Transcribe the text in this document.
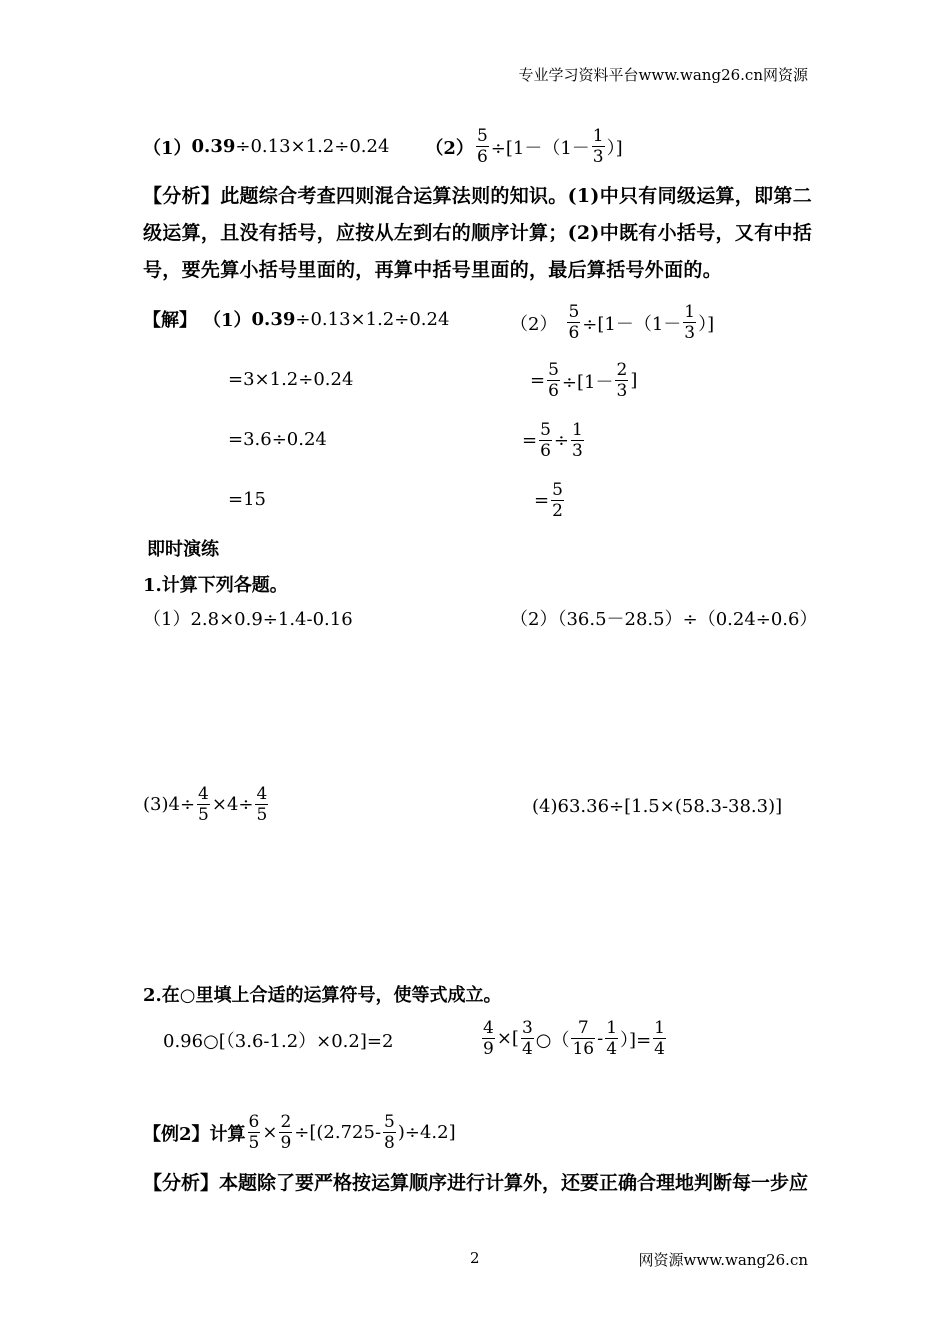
专业学习资料平台www.wang26.cn网资源
（1） 0.39 ÷0.13×1.2÷0.24 $(2) \frac{5}{6} \div[1-(1- \frac{1}{3}$ ）]
【分析】此题综合考查四则混合运算法则的知识。(1)中只有同级运算，即第二级运算，且没有括号，应按从左到右的顺序计算；(2)中既有小括号，又有中括号，要先算小括号里面的，再算中括号里面的，最后算括号外面的。
【解】 （1） 0.39 ÷0.13×1.2÷0.24	$(2) \frac{5}{6} \div[1-(1- \frac{1}{3}$ ）]
=3×1.2÷0.24
=3.6÷0.24
=15
= $\frac{5}{6} \div[1- \frac{2}{3}$ ]
= $\frac{5}{6} \div \frac{1}{3}$
= $\frac{5}{2}$
即时演练
1.计算下列各题。
（1）2.8×0.9÷1.4-0.16	（2）（36.5－28.5）÷（0.24÷0.6）
$(3)4\div \frac{4}{5} \times 4\div \frac{4}{5}$	(4)63.36÷[1.5×(58.3-38.3)]
2.在○里填上合适的运算符号，使等式成立。
0.96○[（3.6-1.2）×0.2]=2	$\frac{4}{9}$ ×[ $\frac{3}{4}$ ○（ $\frac{7}{16} - \frac{1}{4}$ ）]= $\frac{1}{4}$
【例2】 计算 $\frac{6}{5} \times \frac{2}{9} \div[(2.725- \frac{5}{8} )\div 4.2]$
【分析】本题除了要严格按运算顺序进行计算外，还要正确合理地判断每一步应
2	网资源www.wang26.cn
